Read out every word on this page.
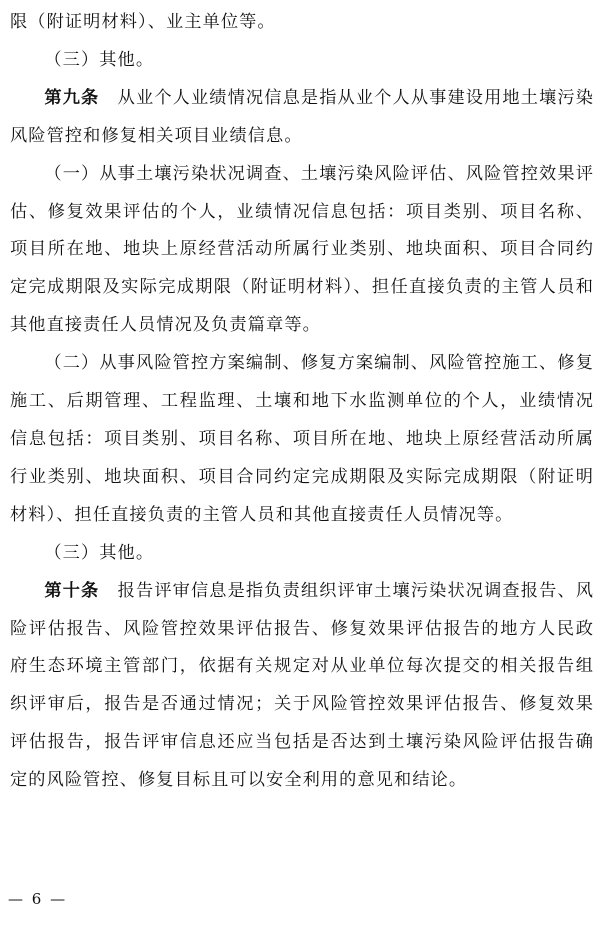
限（附证明材料）、业主单位等。

（三）其他。

第九条　从业个人业绩情况信息是指从业个人从事建设用地土壤污染风险管控和修复相关项目业绩信息。

（一）从事土壤污染状况调查、土壤污染风险评估、风险管控效果评估、修复效果评估的个人，业绩情况信息包括：项目类别、项目名称、项目所在地、地块上原经营活动所属行业类别、地块面积、项目合同约定完成期限及实际完成期限（附证明材料）、担任直接负责的主管人员和其他直接责任人员情况及负责篇章等。

（二）从事风险管控方案编制、修复方案编制、风险管控施工、修复施工、后期管理、工程监理、土壤和地下水监测单位的个人，业绩情况信息包括：项目类别、项目名称、项目所在地、地块上原经营活动所属行业类别、地块面积、项目合同约定完成期限及实际完成期限（附证明材料）、担任直接负责的主管人员和其他直接责任人员情况等。

（三）其他。

第十条　报告评审信息是指负责组织评审土壤污染状况调查报告、风险评估报告、风险管控效果评估报告、修复效果评估报告的地方人民政府生态环境主管部门，依据有关规定对从业单位每次提交的相关报告组织评审后，报告是否通过情况；关于风险管控效果评估报告、修复效果评估报告，报告评审信息还应当包括是否达到土壤污染风险评估报告确定的风险管控、修复目标且可以安全利用的意见和结论。

— 6 —
